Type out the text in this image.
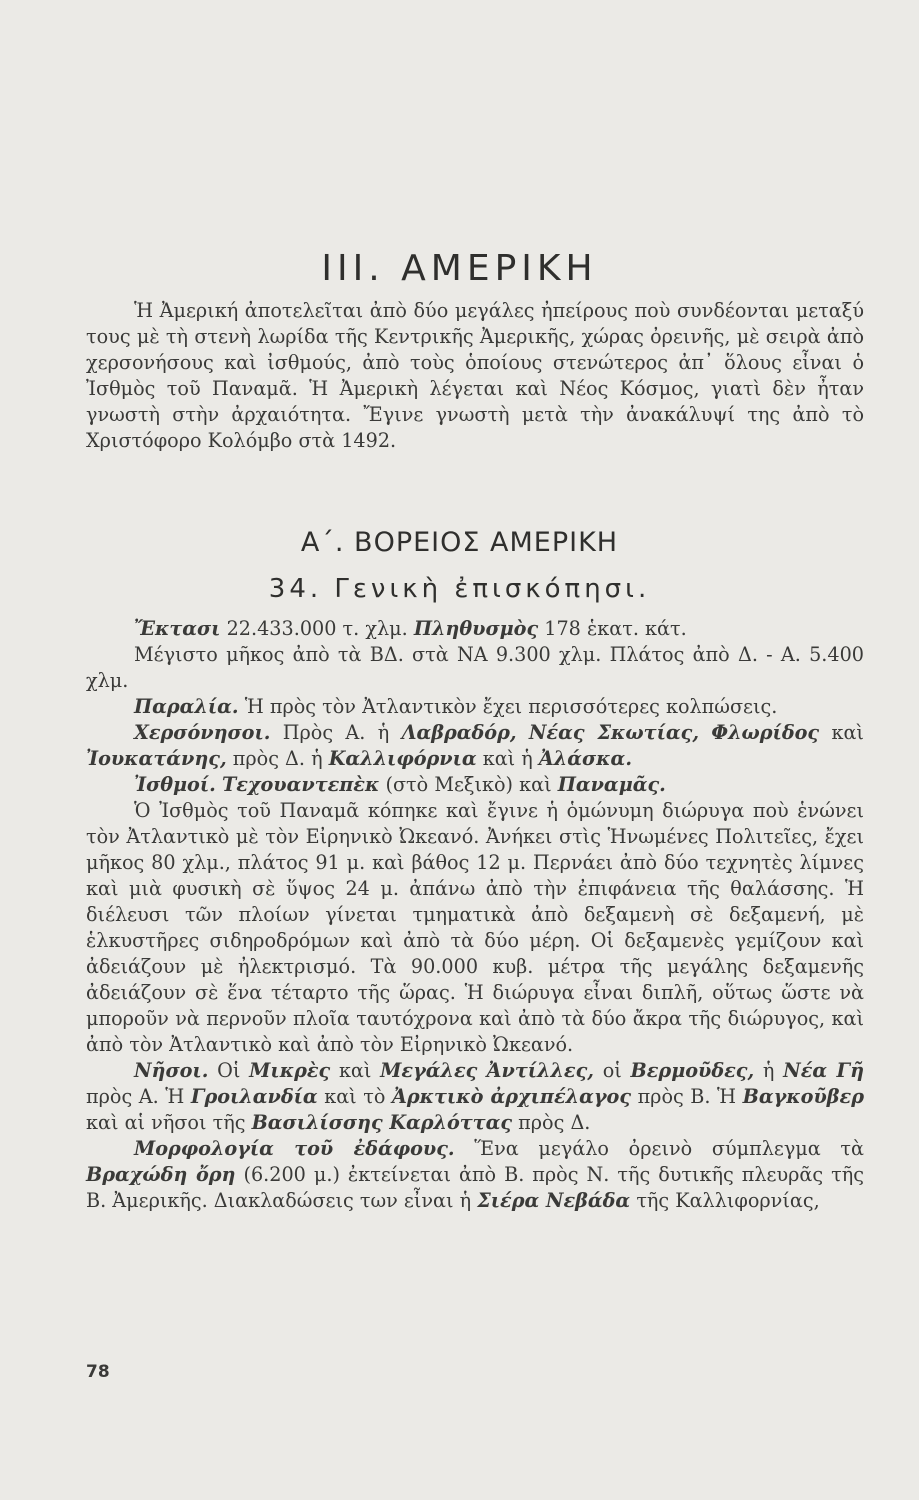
III. ΑΜΕΡΙΚΗ

Ἡ Ἀμερική ἀποτελεῖται ἀπὸ δύο μεγάλες ἠπείρους ποὺ συνδέονται μεταξύ τους μὲ τὴ στενὴ λωρίδα τῆς Κεντρικῆς Ἀμερικῆς, χώρας ὀρεινῆς, μὲ σειρὰ ἀπὸ χερσονήσους καὶ ἰσθμούς, ἀπὸ τοὺς ὁποίους στενώτερος ἀπ᾿ ὅλους εἶναι ὁ Ἰσθμὸς τοῦ Παναμᾶ. Ἡ Ἀμερικὴ λέγεται καὶ Νέος Κόσμος, γιατὶ δὲν ἦταν γνωστὴ στὴν ἀρχαιότητα. Ἔγινε γνωστὴ μετὰ τὴν ἀνακάλυψί της ἀπὸ τὸ Χριστόφορο Κολόμβο στὰ 1492.

Α΄. ΒΟΡΕΙΟΣ ΑΜΕΡΙΚΗ
34. Γενικὴ ἐπισκόπησι.

Ἔκτασι 22.433.000 τ. χλμ. Πληθυσμὸς 178 ἑκατ. κάτ.

Μέγιστο μῆκος ἀπὸ τὰ ΒΔ. στὰ ΝΑ 9.300 χλμ. Πλάτος ἀπὸ Δ. - Α. 5.400 χλμ.

Παραλία. Ἡ πρὸς τὸν Ἀτλαντικὸν ἔχει περισσότερες κολπώσεις.

Χερσόνησοι. Πρὸς Α. ἡ Λαβραδόρ, Νέας Σκωτίας, Φλωρίδος καὶ Ἰουκατάνης, πρὸς Δ. ἡ Καλλιφόρνια καὶ ἡ Ἀλάσκα.

Ἰσθμοί. Τεχουαντεπὲκ (στὸ Μεξικὸ) καὶ Παναμᾶς.

Ὁ Ἰσθμὸς τοῦ Παναμᾶ κόπηκε καὶ ἔγινε ἡ ὁμώνυμη διώρυγα ποὺ ἑνώνει τὸν Ἀτλαντικὸ μὲ τὸν Εἰρηνικὸ Ὠκεανό. Ἀνήκει στὶς Ἡνωμένες Πολιτεῖες, ἔχει μῆκος 80 χλμ., πλάτος 91 μ. καὶ βάθος 12 μ. Περνάει ἀπὸ δύο τεχνητὲς λίμνες καὶ μιὰ φυσικὴ σὲ ὕψος 24 μ. ἀπάνω ἀπὸ τὴν ἐπιφάνεια τῆς θαλάσσης. Ἡ διέλευσι τῶν πλοίων γίνεται τμηματικὰ ἀπὸ δεξαμενὴ σὲ δεξαμενή, μὲ ἑλκυστῆρες σιδηροδρόμων καὶ ἀπὸ τὰ δύο μέρη. Οἱ δεξαμενὲς γεμίζουν καὶ ἀδειάζουν μὲ ἠλεκτρισμό. Τὰ 90.000 κυβ. μέτρα τῆς μεγάλης δεξαμενῆς ἀδειάζουν σὲ ἕνα τέταρτο τῆς ὥρας. Ἡ διώρυγα εἶναι διπλῆ, οὕτως ὥστε νὰ μποροῦν νὰ περνοῦν πλοῖα ταυτόχρονα καὶ ἀπὸ τὰ δύο ἄκρα τῆς διώρυγος, καὶ ἀπὸ τὸν Ἀτλαντικὸ καὶ ἀπὸ τὸν Εἰρηνικὸ Ὠκεανό.

Νῆσοι. Οἱ Μικρὲς καὶ Μεγάλες Ἀντίλλες, οἱ Βερμοῦδες, ἡ Νέα Γῆ πρὸς Α. Ἡ Γροιλανδία καὶ τὸ Ἀρκτικὸ ἀρχιπέλαγος πρὸς Β. Ἡ Βαγκοῦβερ καὶ αἱ νῆσοι τῆς Βασιλίσσης Καρλόττας πρὸς Δ.

Μορφολογία τοῦ ἐδάφους. Ἕνα μεγάλο ὀρεινὸ σύμπλεγμα τὰ Βραχώδη ὄρη (6.200 μ.) ἐκτείνεται ἀπὸ Β. πρὸς Ν. τῆς δυτικῆς πλευρᾶς τῆς Β. Ἀμερικῆς. Διακλαδώσεις των εἶναι ἡ Σιέρα Νεβάδα τῆς Καλλιφορνίας,

78
